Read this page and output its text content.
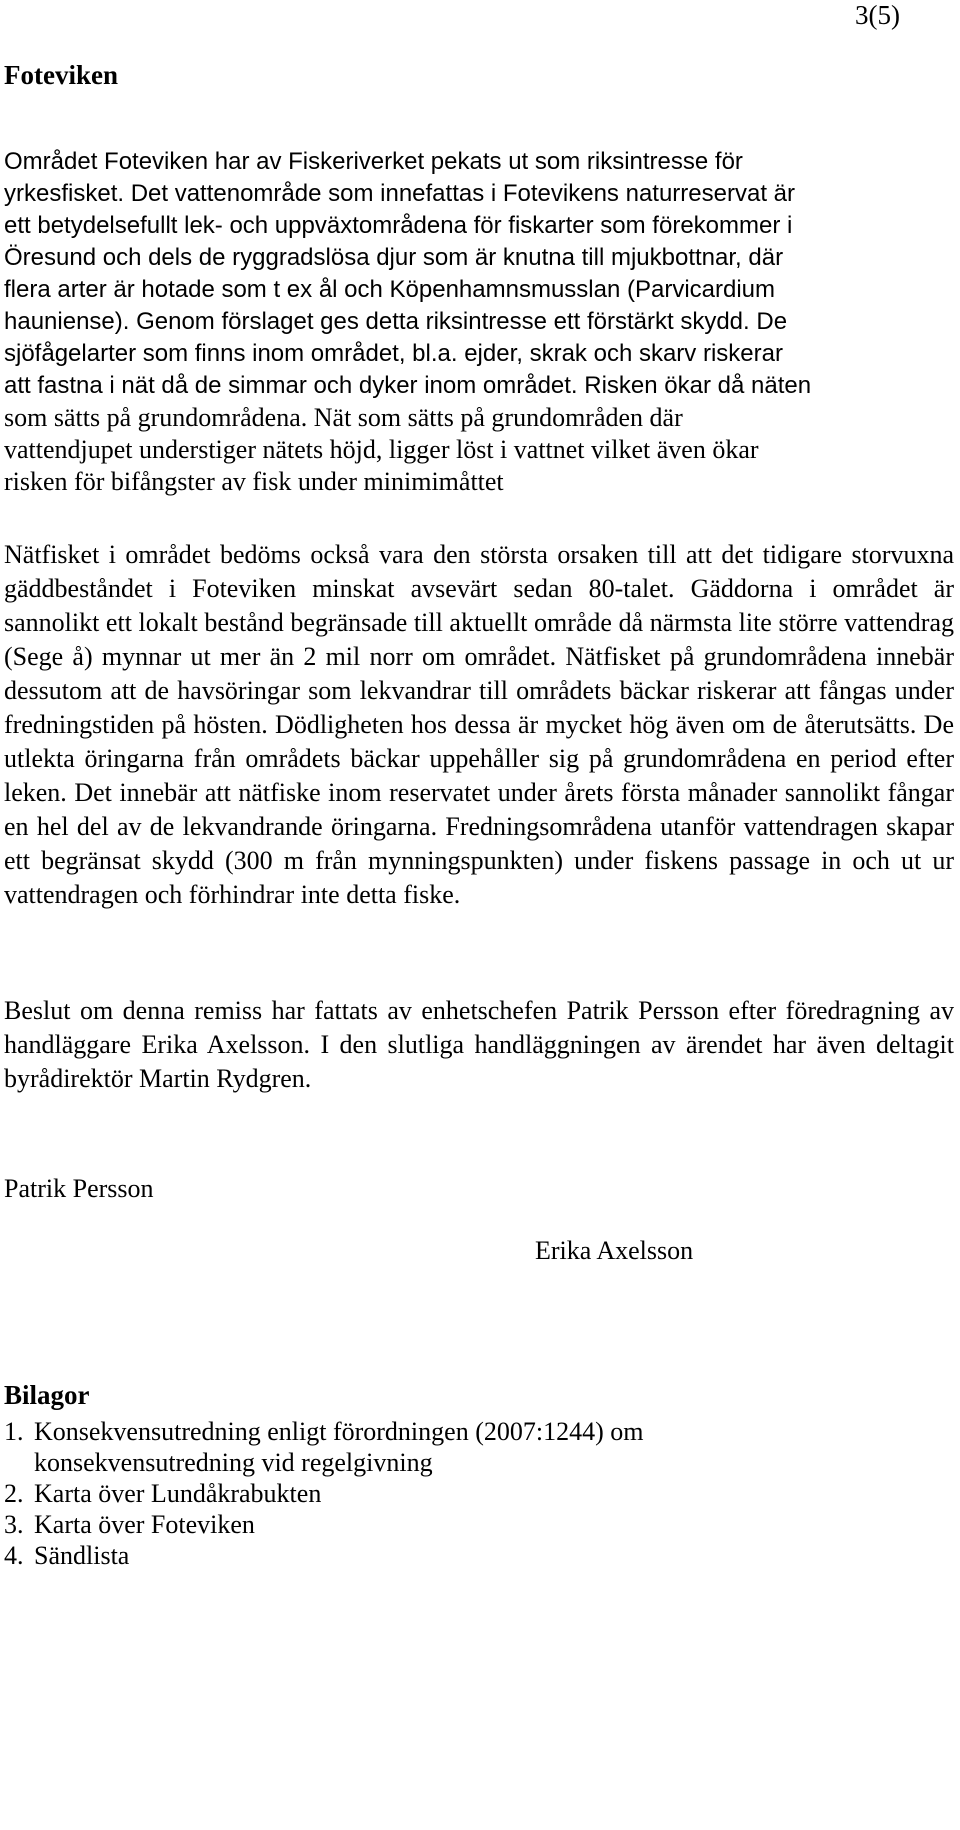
3(5)
Foteviken
Området Foteviken har av Fiskeriverket pekats ut som riksintresse för
yrkesfisket. Det vattenområde som innefattas i Fotevikens naturreservat är
ett betydelsefullt lek- och uppväxtområdena för fiskarter som förekommer i
Öresund och dels de ryggradslösa djur som är knutna till mjukbottnar, där
flera arter är hotade som t ex ål och Köpenhamnsmusslan (Parvicardium
hauniense). Genom förslaget ges detta riksintresse ett förstärkt skydd. De
sjöfågelarter som finns inom området, bl.a. ejder, skrak och skarv riskerar
att fastna i nät då de simmar och dyker inom området. Risken ökar då näten
som sätts på grundområdena. Nät som sätts på grundområden där
vattendjupet understiger nätets höjd, ligger löst i vattnet vilket även ökar
risken för bifångster av fisk under minimimåttet

Nätfisket i området bedöms också vara den största orsaken till att det tidigare storvuxna gäddbeståndet i Foteviken minskat avsevärt sedan 80-talet. Gäddorna i området är sannolikt ett lokalt bestånd begränsade till aktuellt område då närmsta lite större vattendrag (Sege å) mynnar ut mer än 2 mil norr om området. Nätfisket på grundområdena innebär dessutom att de havsöringar som lekvandrar till områdets bäckar riskerar att fångas under fredningstiden på hösten. Dödligheten hos dessa är mycket hög även om de återutsätts. De utlekta öringarna från områdets bäckar uppehåller sig på grundområdena en period efter leken. Det innebär att nätfiske inom reservatet under årets första månader sannolikt fångar en hel del av de lekvandrande öringarna. Fredningsområdena utanför vattendragen skapar ett begränsat skydd (300 m från mynningspunkten) under fiskens passage in och ut ur vattendragen och förhindrar inte detta fiske.

Beslut om denna remiss har fattats av enhetschefen Patrik Persson efter föredragning av handläggare Erika Axelsson. I den slutliga handläggningen av ärendet har även deltagit byrådirektör Martin Rydgren.

Patrik Persson
Erika Axelsson
Bilagor
1. Konsekvensutredning enligt förordningen (2007:1244) om konsekvensutredning vid regelgivning
2. Karta över Lundåkrabukten
3. Karta över Foteviken
4. Sändlista
